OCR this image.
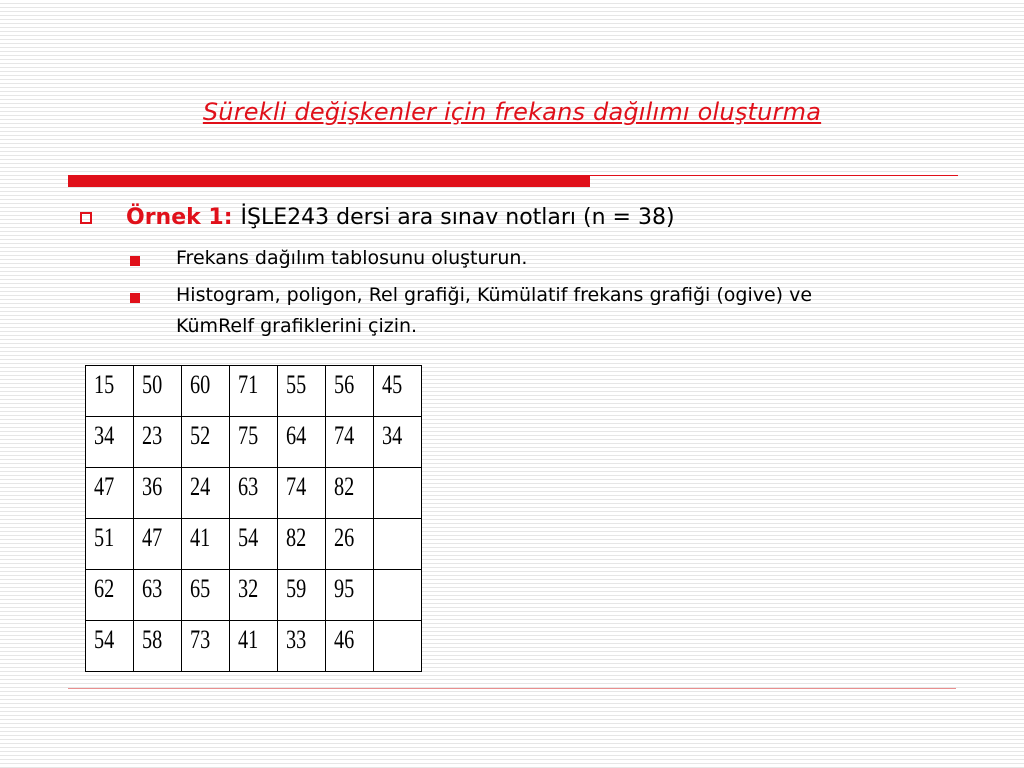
Sürekli değişkenler için frekans dağılımı oluşturma
Örnek 1: İŞLE243 dersi ara sınav notları (n = 38)
Frekans dağılım tablosunu oluşturun.
Histogram, poligon, Rel grafiği, Kümülatif frekans grafiği (ogive) ve KümRelf grafiklerini çizin.
15	50	60	71	55	56	45
34	23	52	75	64	74	34
47	36	24	63	74	82	
51	47	41	54	82	26	
62	63	65	32	59	95	
54	58	73	41	33	46	
